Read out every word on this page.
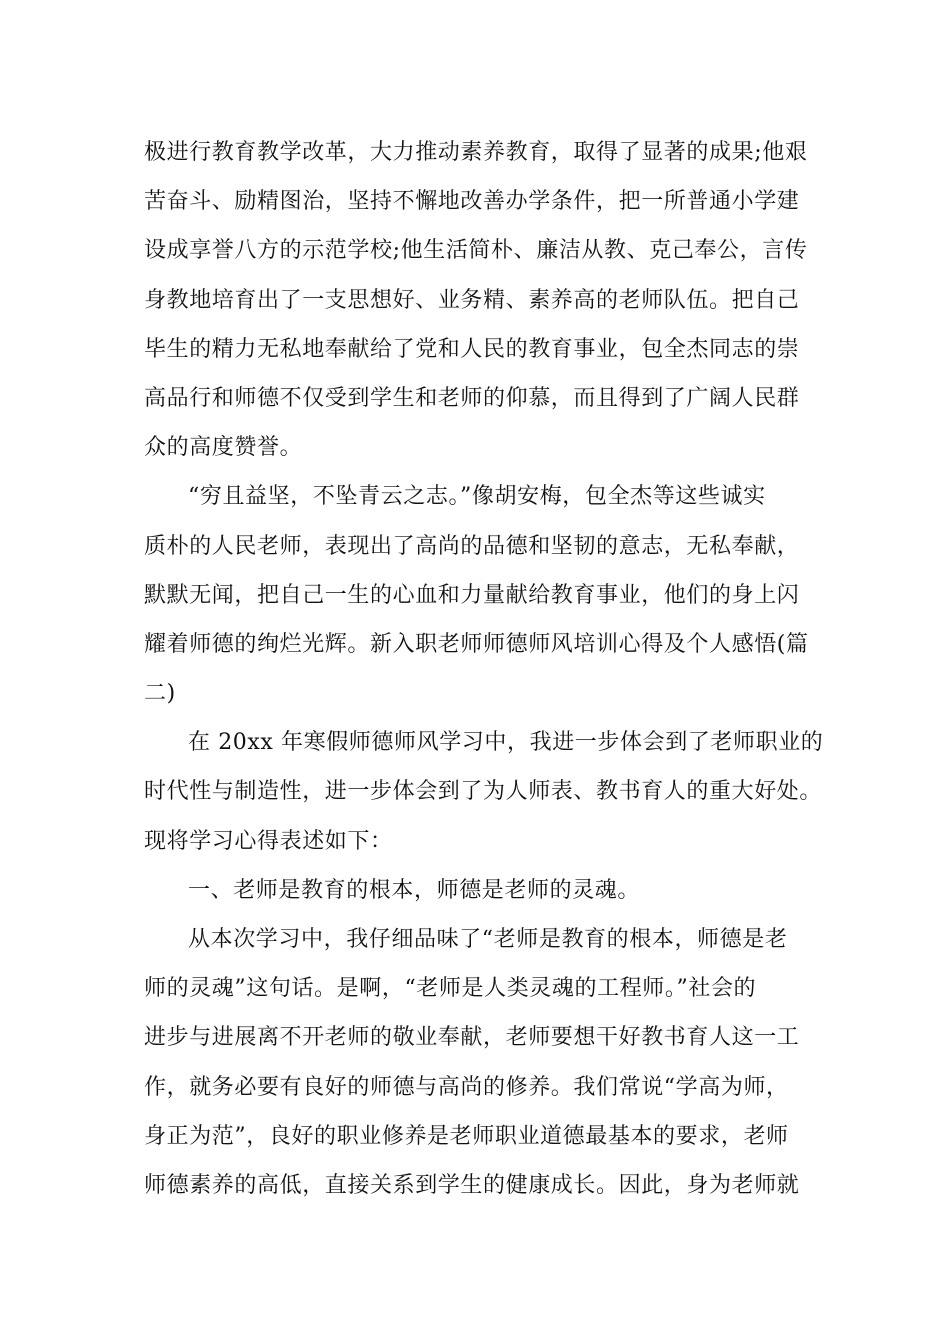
极进行教育教学改革，大力推动素养教育，取得了显著的成果;他艰
苦奋斗、励精图治，坚持不懈地改善办学条件，把一所普通小学建
设成享誉八方的示范学校;他生活简朴、廉洁从教、克己奉公，言传
身教地培育出了一支思想好、业务精、素养高的老师队伍。把自己
毕生的精力无私地奉献给了党和人民的教育事业，包全杰同志的崇
高品行和师德不仅受到学生和老师的仰慕，而且得到了广阔人民群
众的高度赞誉。
“穷且益坚，不坠青云之志。”像胡安梅，包全杰等这些诚实
质朴的人民老师，表现出了高尚的品德和坚韧的意志，无私奉献，
默默无闻，把自己一生的心血和力量献给教育事业，他们的身上闪
耀着师德的绚烂光辉。新入职老师师德师风培训心得及个人感悟(篇
二)
在 20xx 年寒假师德师风学习中，我进一步体会到了老师职业的
时代性与制造性，进一步体会到了为人师表、教书育人的重大好处。
现将学习心得表述如下：
一、老师是教育的根本，师德是老师的灵魂。
从本次学习中，我仔细品味了“老师是教育的根本，师德是老
师的灵魂”这句话。是啊，“老师是人类灵魂的工程师。”社会的
进步与进展离不开老师的敬业奉献，老师要想干好教书育人这一工
作，就务必要有良好的师德与高尚的修养。我们常说“学高为师，
身正为范”，良好的职业修养是老师职业道德最基本的要求，老师
师德素养的高低，直接关系到学生的健康成长。因此，身为老师就
